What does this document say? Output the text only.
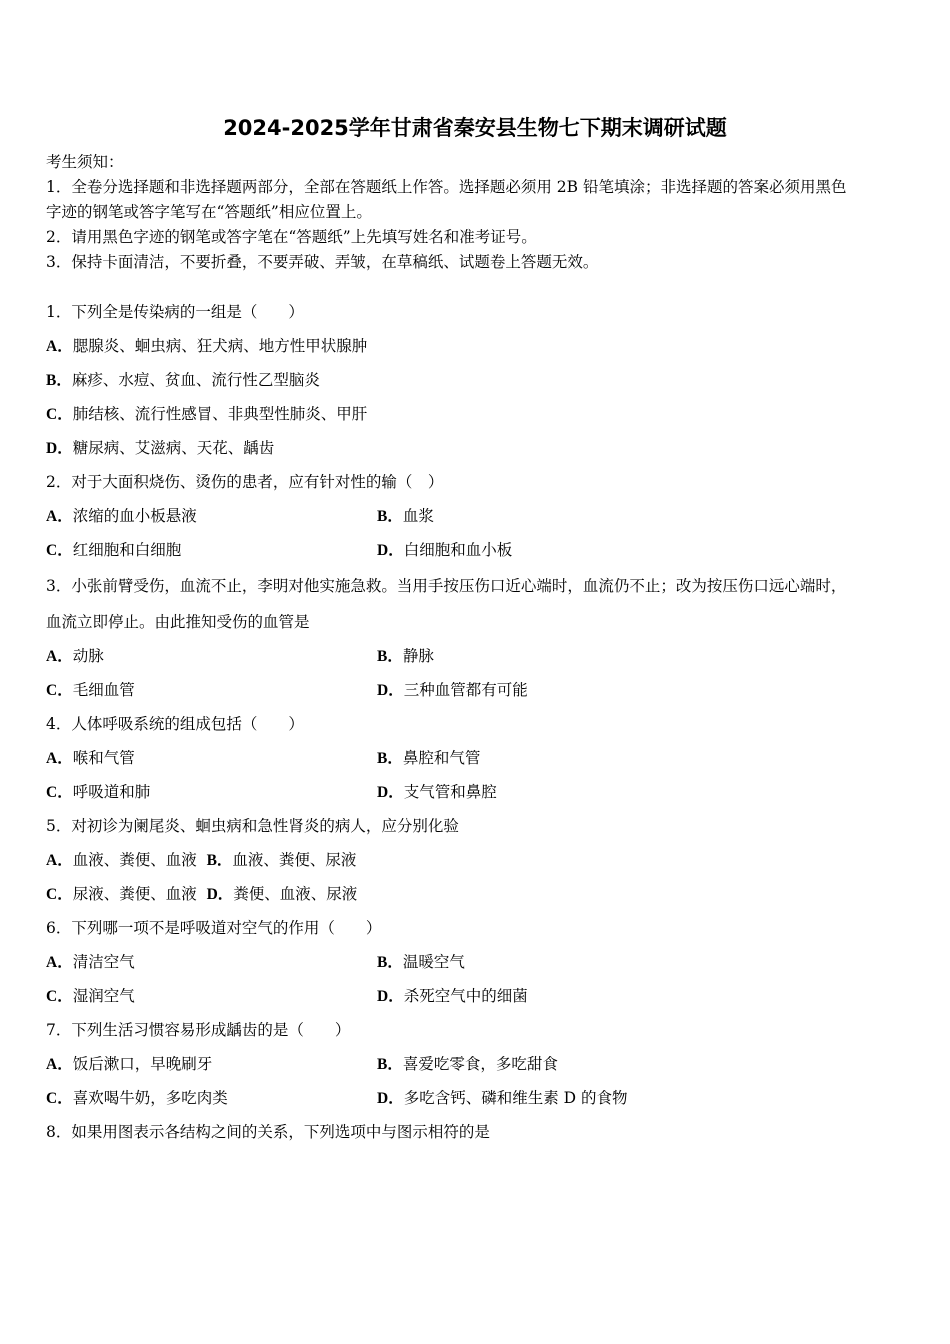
2024-2025学年甘肃省秦安县生物七下期末调研试题
考生须知：
1．全卷分选择题和非选择题两部分，全部在答题纸上作答。选择题必须用 2B 铅笔填涂；非选择题的答案必须用黑色
字迹的钢笔或答字笔写在“答题纸”相应位置上。
2．请用黑色字迹的钢笔或答字笔在“答题纸”上先填写姓名和准考证号。
3．保持卡面清洁，不要折叠，不要弄破、弄皱，在草稿纸、试题卷上答题无效。
1．下列全是传染病的一组是（　　）
A．腮腺炎、蛔虫病、狂犬病、地方性甲状腺肿
B．麻疹、水痘、贫血、流行性乙型脑炎
C．肺结核、流行性感冒、非典型性肺炎、甲肝
D．糖尿病、艾滋病、天花、龋齿
2．对于大面积烧伤、烫伤的患者，应有针对性的输（　）
A．浓缩的血小板悬液	B．血浆
C．红细胞和白细胞	D．白细胞和血小板
3．小张前臂受伤，血流不止，李明对他实施急救。当用手按压伤口近心端时，血流仍不止；改为按压伤口远心端时，
血流立即停止。由此推知受伤的血管是
A．动脉	B．静脉
C．毛细血管	D．三种血管都有可能
4．人体呼吸系统的组成包括（　　）
A．喉和气管	B．鼻腔和气管
C．呼吸道和肺	D．支气管和鼻腔
5．对初诊为阑尾炎、蛔虫病和急性肾炎的病人，应分别化验
A．血液、粪便、血液 B．血液、粪便、尿液
C．尿液、粪便、血液 D．粪便、血液、尿液
6．下列哪一项不是呼吸道对空气的作用（　　）
A．清洁空气	B．温暖空气
C．湿润空气	D．杀死空气中的细菌
7．下列生活习惯容易形成龋齿的是（　　）
A．饭后漱口，早晚刷牙	B．喜爱吃零食，多吃甜食
C．喜欢喝牛奶，多吃肉类	D．多吃含钙、磷和维生素 D 的食物
8．如果用图表示各结构之间的关系，下列选项中与图示相符的是
